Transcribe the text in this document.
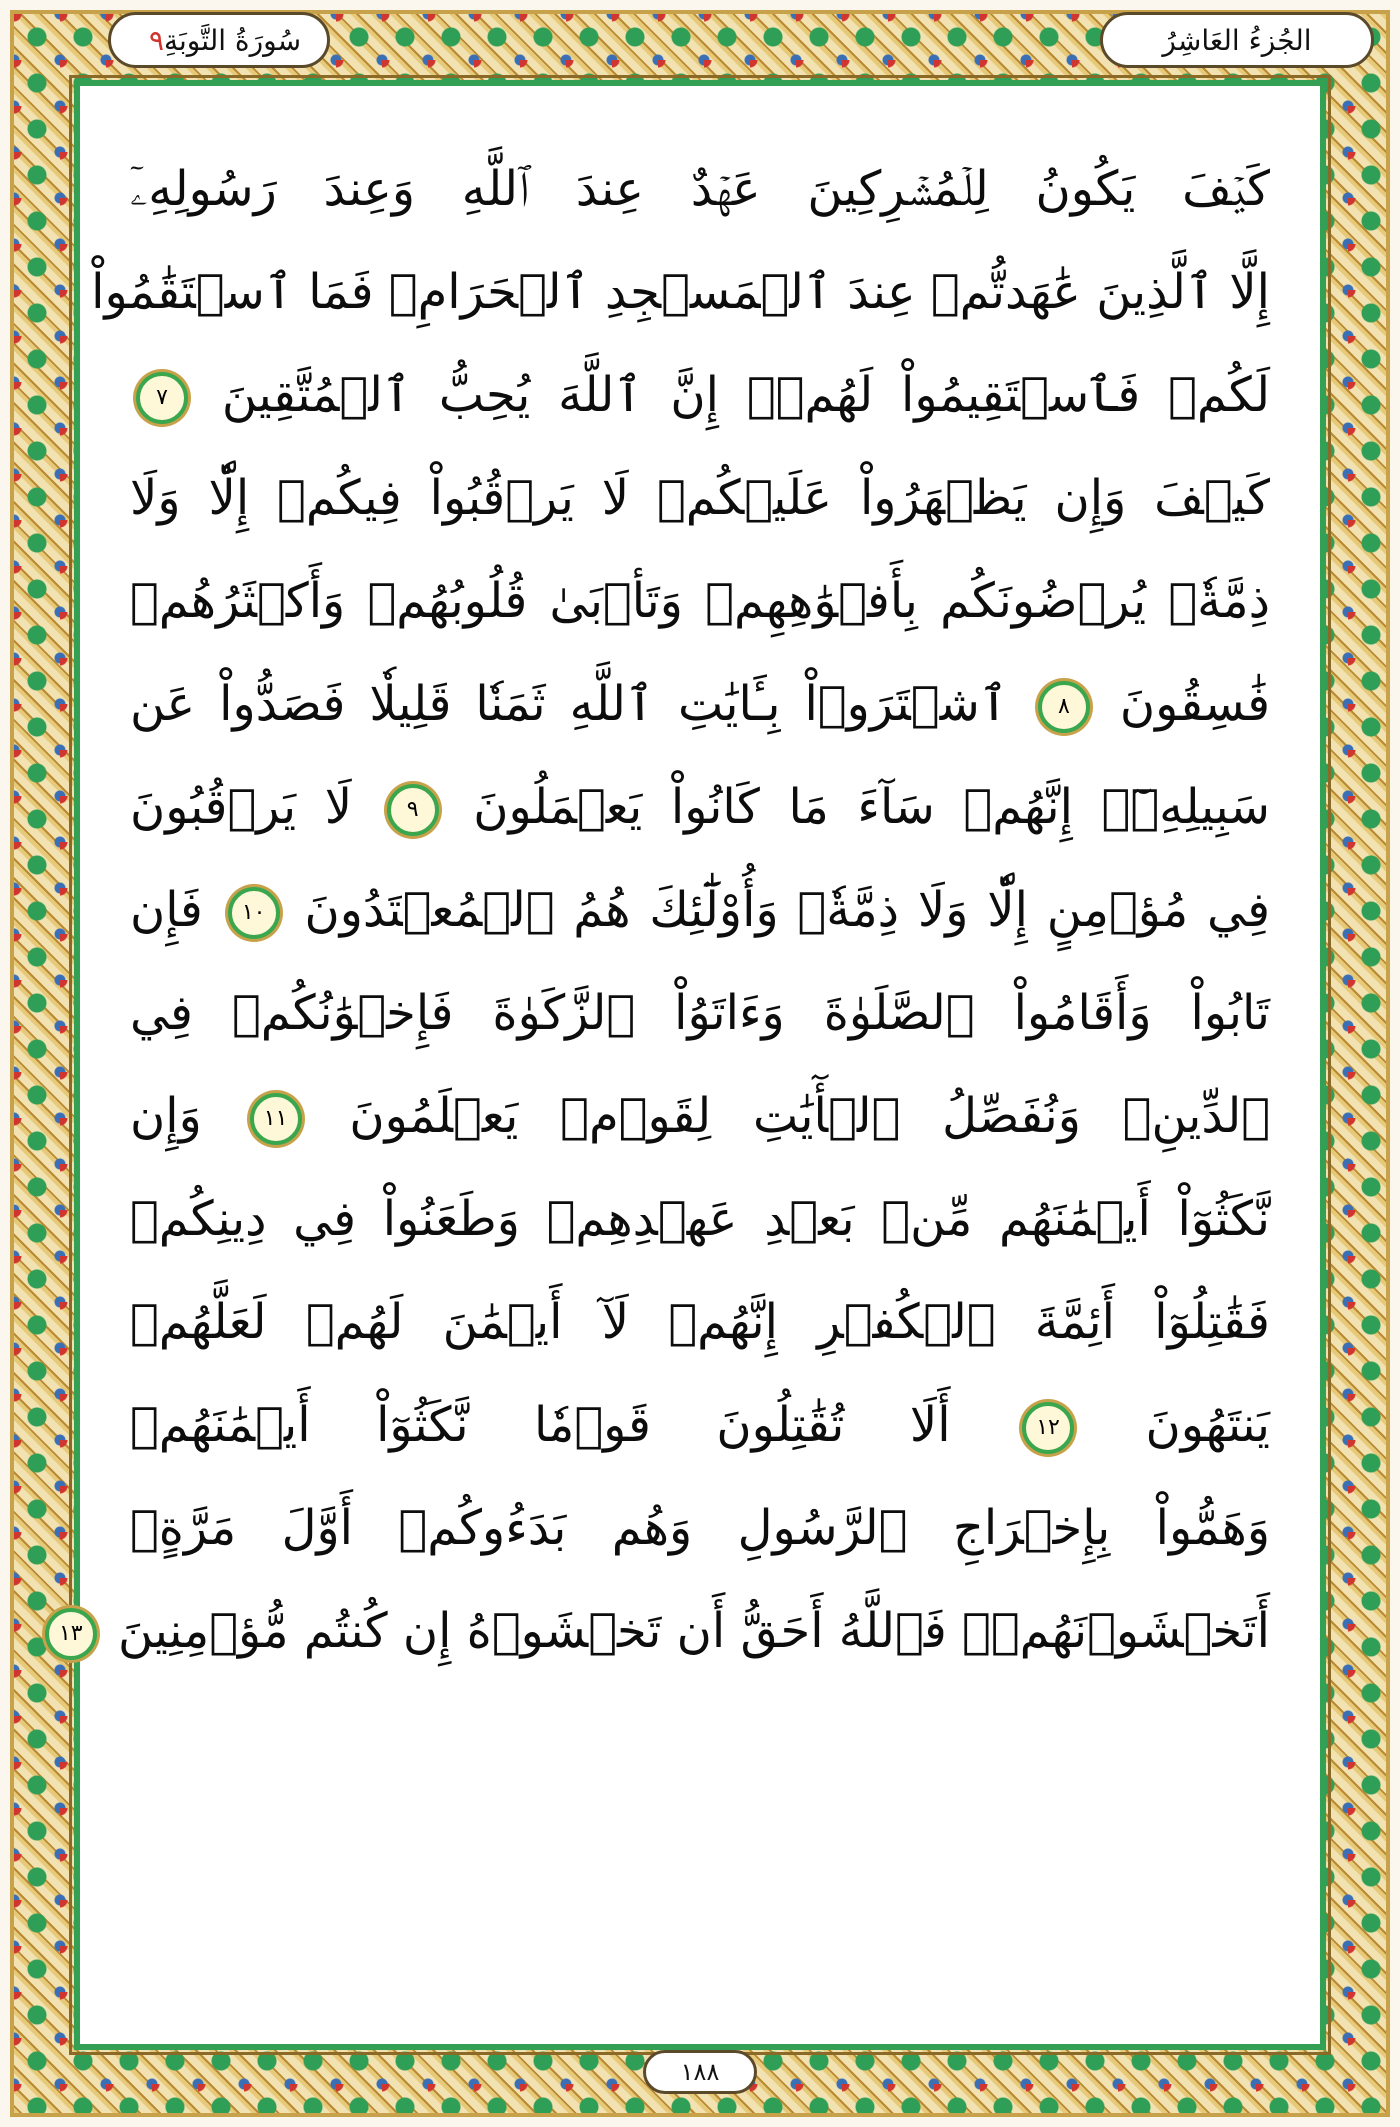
الجُزءُ العَاشِرُ
سُورَةُ التَّوبَةِ
٩
كَيۡفَ يَكُونُ لِلۡمُشۡرِكِينَ عَهۡدٌ عِندَ ٱللَّهِ وَعِندَ رَسُولِهِۦٓ
إِلَّا ٱلَّذِينَ عَٰهَدتُّمۡ عِندَ ٱلۡمَسۡجِدِ ٱلۡحَرَامِۖ فَمَا ٱسۡتَقَٰمُواْ
لَكُمۡ فَٱسۡتَقِيمُواْ لَهُمۡۚ إِنَّ ٱللَّهَ يُحِبُّ ٱلۡمُتَّقِينَ ٧
كَيۡفَ وَإِن يَظۡهَرُواْ عَلَيۡكُمۡ لَا يَرۡقُبُواْ فِيكُمۡ إِلّٗا وَلَا
ذِمَّةٗۚ يُرۡضُونَكُم بِأَفۡوَٰهِهِمۡ وَتَأۡبَىٰ قُلُوبُهُمۡ وَأَكۡثَرُهُمۡ
فَٰسِقُونَ ٨ ٱشۡتَرَوۡاْ بِـَٔايَٰتِ ٱللَّهِ ثَمَنٗا قَلِيلٗا فَصَدُّواْ عَن
سَبِيلِهِۦٓۚ إِنَّهُمۡ سَآءَ مَا كَانُواْ يَعۡمَلُونَ ٩ لَا يَرۡقُبُونَ
فِي مُؤۡمِنٍ إِلّٗا وَلَا ذِمَّةٗۚ وَأُوْلَٰٓئِكَ هُمُ ٱلۡمُعۡتَدُونَ ١٠ فَإِن
تَابُواْ وَأَقَامُواْ ٱلصَّلَوٰةَ وَءَاتَوُاْ ٱلزَّكَوٰةَ فَإِخۡوَٰنُكُمۡ فِي
ٱلدِّينِۗ وَنُفَصِّلُ ٱلۡأٓيَٰتِ لِقَوۡمٖ يَعۡلَمُونَ ١١ وَإِن
نَّكَثُوٓاْ أَيۡمَٰنَهُم مِّنۢ بَعۡدِ عَهۡدِهِمۡ وَطَعَنُواْ فِي دِينِكُمۡ
فَقَٰتِلُوٓاْ أَئِمَّةَ ٱلۡكُفۡرِ إِنَّهُمۡ لَآ أَيۡمَٰنَ لَهُمۡ لَعَلَّهُمۡ
يَنتَهُونَ ١٢ أَلَا تُقَٰتِلُونَ قَوۡمٗا نَّكَثُوٓاْ أَيۡمَٰنَهُمۡ
وَهَمُّواْ بِإِخۡرَاجِ ٱلرَّسُولِ وَهُم بَدَءُوكُمۡ أَوَّلَ مَرَّةٍۚ
أَتَخۡشَوۡنَهُمۡۚ فَٱللَّهُ أَحَقُّ أَن تَخۡشَوۡهُ إِن كُنتُم مُّؤۡمِنِينَ ١٣
١٨٨
